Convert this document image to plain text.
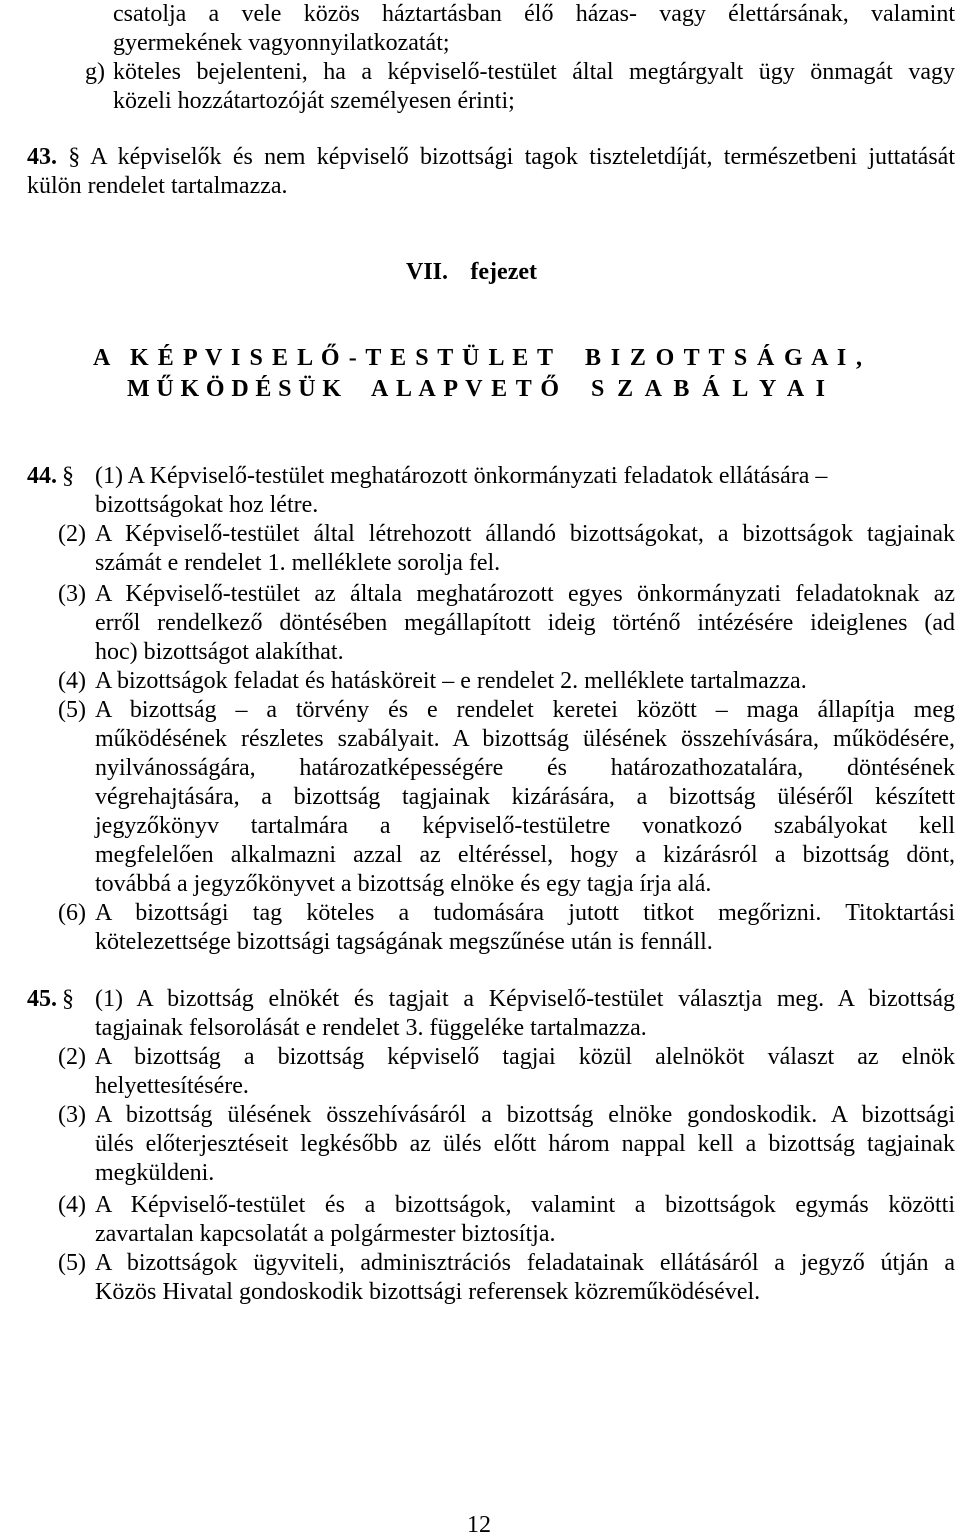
csatolja a vele közös háztartásban élő házas- vagy élettársának, valamint
gyermekének vagyonnyilatkozatát;
g) köteles bejelenteni, ha a képviselő-testület által megtárgyalt ügy önmagát vagy
közeli hozzátartozóját személyesen érinti;
43. § A képviselők és nem képviselő bizottsági tagok tiszteletdíját, természetbeni juttatását
külön rendelet tartalmazza.
VII. fejezet
A K É P V I S E L Ő - T E S T Ü L E T B I Z O T T S Á G A I ,
M Ű K Ö D É S Ü K A L A P V E T Ő S Z A B Á L Y A I
44. § (1) A Képviselő-testület meghatározott önkormányzati feladatok ellátására –
bizottságokat hoz létre.
(2) A Képviselő-testület által létrehozott állandó bizottságokat, a bizottságok tagjainak
számát e rendelet 1. melléklete sorolja fel.
(3) A Képviselő-testület az általa meghatározott egyes önkormányzati feladatoknak az
erről rendelkező döntésében megállapított ideig történő intézésére ideiglenes (ad
hoc) bizottságot alakíthat.
(4) A bizottságok feladat és hatásköreit – e rendelet 2. melléklete tartalmazza.
(5) A bizottság – a törvény és e rendelet keretei között – maga állapítja meg
működésének részletes szabályait. A bizottság ülésének összehívására, működésére,
nyilvánosságára, határozatképességére és határozathozatalára, döntésének
végrehajtására, a bizottság tagjainak kizárására, a bizottság üléséről készített
jegyzőkönyv tartalmára a képviselő-testületre vonatkozó szabályokat kell
megfelelően alkalmazni azzal az eltéréssel, hogy a kizárásról a bizottság dönt,
továbbá a jegyzőkönyvet a bizottság elnöke és egy tagja írja alá.
(6) A bizottsági tag köteles a tudomására jutott titkot megőrizni. Titoktartási
kötelezettsége bizottsági tagságának megszűnése után is fennáll.
45. § (1) A bizottság elnökét és tagjait a Képviselő-testület választja meg. A bizottság
tagjainak felsorolását e rendelet 3. függeléke tartalmazza.
(2) A bizottság a bizottság képviselő tagjai közül alelnököt választ az elnök
helyettesítésére.
(3) A bizottság ülésének összehívásáról a bizottság elnöke gondoskodik. A bizottsági
ülés előterjesztéseit legkésőbb az ülés előtt három nappal kell a bizottság tagjainak
megküldeni.
(4) A Képviselő-testület és a bizottságok, valamint a bizottságok egymás közötti
zavartalan kapcsolatát a polgármester biztosítja.
(5) A bizottságok ügyviteli, adminisztrációs feladatainak ellátásáról a jegyző útján a
Közös Hivatal gondoskodik bizottsági referensek közreműködésével.
12
